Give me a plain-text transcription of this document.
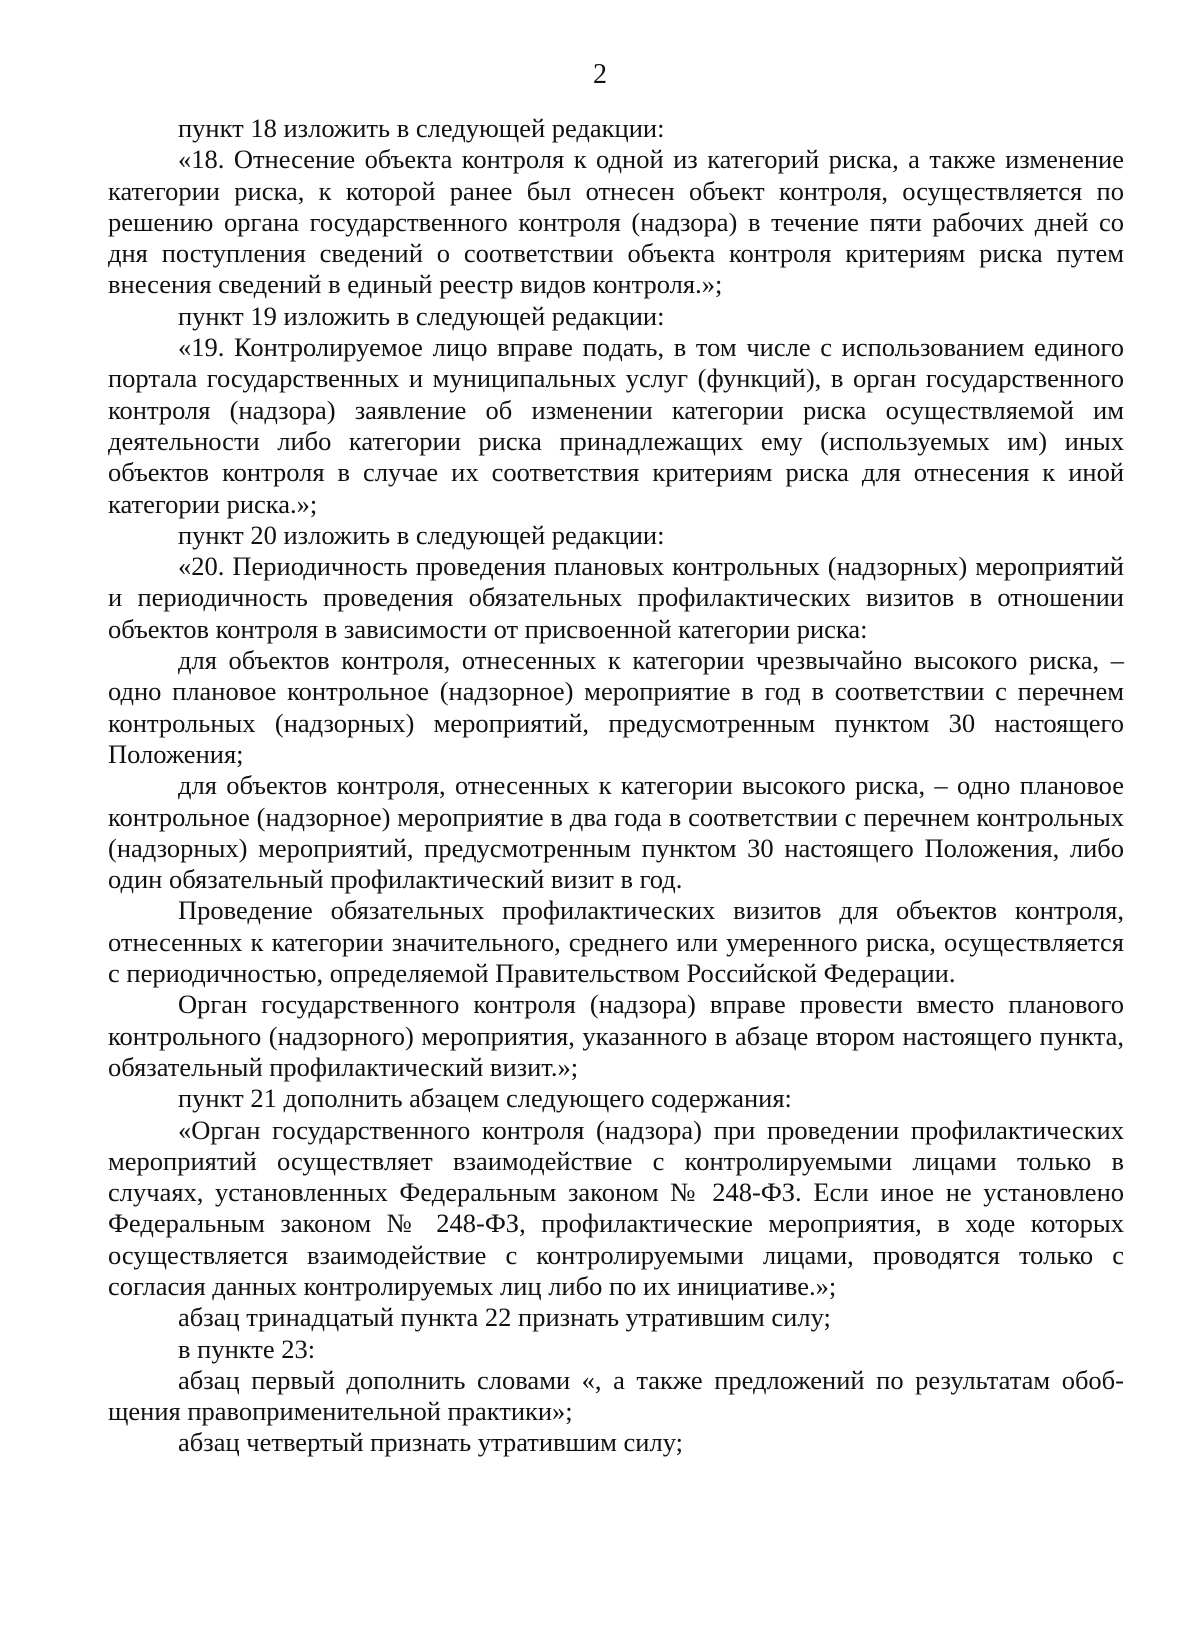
2

пункт 18 изложить в следующей редакции:

«18. Отнесение объекта контроля к одной из категорий риска, а также изменение категории риска, к которой ранее был отнесен объект контроля, осуществляется по решению органа государственного контроля (надзора) в течение пяти рабочих дней со дня поступления сведений о соответствии объекта контроля критериям риска путем внесения сведений в единый реестр видов контроля.»;

пункт 19 изложить в следующей редакции:

«19. Контролируемое лицо вправе подать, в том числе с использованием единого портала государственных и муниципальных услуг (функций), в орган государственного контроля (надзора) заявление об изменении категории риска осуществляемой им деятельности либо категории риска принадлежащих ему (используемых им) иных объектов контроля в случае их соответствия критериям риска для отнесения к иной категории риска.»;

пункт 20 изложить в следующей редакции:

«20. Периодичность проведения плановых контрольных (надзорных) мероприятий и периодичность проведения обязательных профилактических визитов в отношении объектов контроля в зависимости от присвоенной категории риска:

для объектов контроля, отнесенных к категории чрезвычайно высокого риска, – одно плановое контрольное (надзорное) мероприятие в год в соответствии с перечнем контрольных (надзорных) мероприятий, предусмотренным пунктом 30 настоящего Положения;

для объектов контроля, отнесенных к категории высокого риска, – одно плановое контрольное (надзорное) мероприятие в два года в соответствии с перечнем контрольных (надзорных) мероприятий, предусмотренным пунктом 30 настоящего Положения, либо один обязательный профилактический визит в год.

Проведение обязательных профилактических визитов для объектов контроля, отнесенных к категории значительного, среднего или умеренного риска, осуществляется с периодичностью, определяемой Правительством Российской Федерации.

Орган государственного контроля (надзора) вправе провести вместо планового контрольного (надзорного) мероприятия, указанного в абзаце втором настоящего пункта, обязательный профилактический визит.»;

пункт 21 дополнить абзацем следующего содержания:

«Орган государственного контроля (надзора) при проведении профилактических мероприятий осуществляет взаимодействие с контролируемыми лицами только в случаях, установленных Федеральным законом № 248-ФЗ. Если иное не установлено Федеральным законом № 248-ФЗ, профилактические мероприятия, в ходе которых осуществляется взаимодействие с контролируемыми лицами, проводятся только с согласия данных контролируемых лиц либо по их инициативе.»;

абзац тринадцатый пункта 22 признать утратившим силу;

в пункте 23:

абзац первый дополнить словами «, а также предложений по результатам обобщения правоприменительной практики»;

абзац четвертый признать утратившим силу;
